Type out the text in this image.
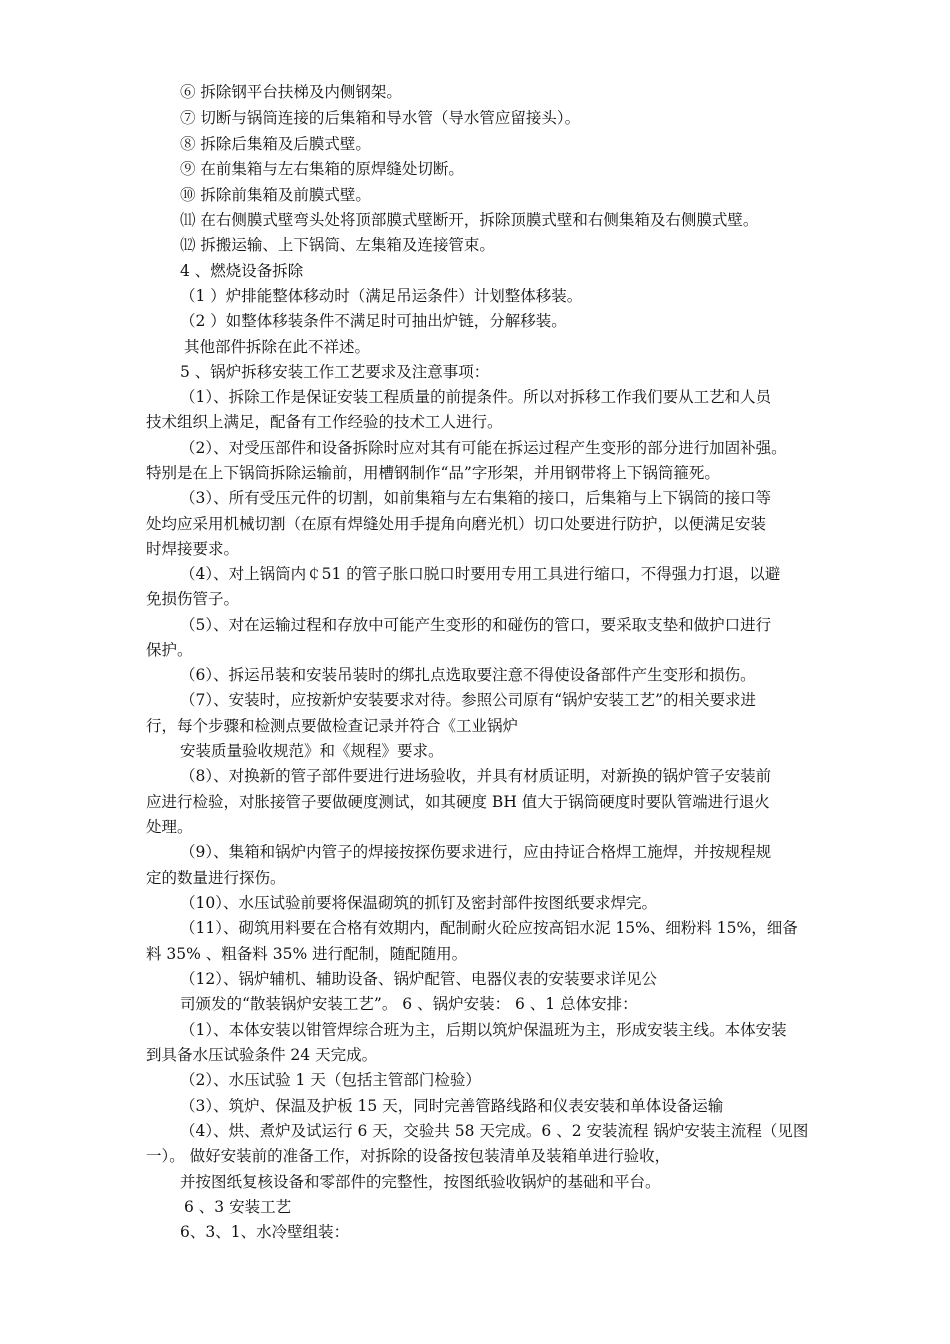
⑥ 拆除钢平台扶梯及内侧钢架。
⑦ 切断与锅筒连接的后集箱和导水管（导水管应留接头）。
⑧ 拆除后集箱及后膜式壁。
⑨ 在前集箱与左右集箱的原焊缝处切断。
⑩ 拆除前集箱及前膜式壁。
⑾ 在右侧膜式壁弯头处将顶部膜式壁断开，拆除顶膜式壁和右侧集箱及右侧膜式壁。
⑿ 拆搬运输、上下锅筒、左集箱及连接管束。
4 、燃烧设备拆除
（1 ）炉排能整体移动时（满足吊运条件）计划整体移装。
（2 ）如整体移装条件不满足时可抽出炉链，分解移装。
其他部件拆除在此不祥述。
5 、锅炉拆移安装工作工艺要求及注意事项：
（1）、拆除工作是保证安装工程质量的前提条件。所以对拆移工作我们要从工艺和人员
技术组织上满足，配备有工作经验的技术工人进行。
（2）、对受压部件和设备拆除时应对其有可能在拆运过程产生变形的部分进行加固补强。
特别是在上下锅筒拆除运输前，用槽钢制作“品”字形架，并用钢带将上下锅筒箍死。
（3）、所有受压元件的切割，如前集箱与左右集箱的接口，后集箱与上下锅筒的接口等
处均应采用机械切割（在原有焊缝处用手提角向磨光机）切口处要进行防护，以便满足安装
时焊接要求。
（4）、对上锅筒内￠51 的管子胀口脱口时要用专用工具进行缩口，不得强力打退，以避
免损伤管子。
（5）、对在运输过程和存放中可能产生变形的和碰伤的管口，要采取支垫和做护口进行
保护。
（6）、拆运吊装和安装吊装时的绑扎点选取要注意不得使设备部件产生变形和损伤。
（7）、安装时，应按新炉安装要求对待。参照公司原有“锅炉安装工艺”的相关要求进
行，每个步骤和检测点要做检查记录并符合《工业锅炉
安装质量验收规范》和《规程》要求。
（8）、对换新的管子部件要进行进场验收，并具有材质证明，对新换的锅炉管子安装前
应进行检验，对胀接管子要做硬度测试，如其硬度 BH 值大于锅筒硬度时要队管端进行退火
处理。
（9）、集箱和锅炉内管子的焊接按探伤要求进行，应由持证合格焊工施焊，并按规程规
定的数量进行探伤。
（10）、水压试验前要将保温砌筑的抓钉及密封部件按图纸要求焊完。
（11）、砌筑用料要在合格有效期内，配制耐火砼应按高铝水泥 15%、细粉料 15%，细备
料 35% 、粗备料 35% 进行配制，随配随用。
（12）、锅炉辅机、辅助设备、锅炉配管、电器仪表的安装要求详见公
司颁发的“散装锅炉安装工艺”。 6 、锅炉安装： 6 、1 总体安排：
（1）、本体安装以钳管焊综合班为主，后期以筑炉保温班为主，形成安装主线。本体安装
到具备水压试验条件 24 天完成。
（2）、水压试验 1 天（包括主管部门检验）
（3）、筑炉、保温及护板 15 天，同时完善管路线路和仪表安装和单体设备运输
（4）、烘、煮炉及试运行 6 天，交验共 58 天完成。6 、2 安装流程 锅炉安装主流程（见图
一）。 做好安装前的准备工作，对拆除的设备按包装清单及装箱单进行验收，
并按图纸复核设备和零部件的完整性，按图纸验收锅炉的基础和平台。
6 、3 安装工艺
6、3、1、水冷壁组装：
